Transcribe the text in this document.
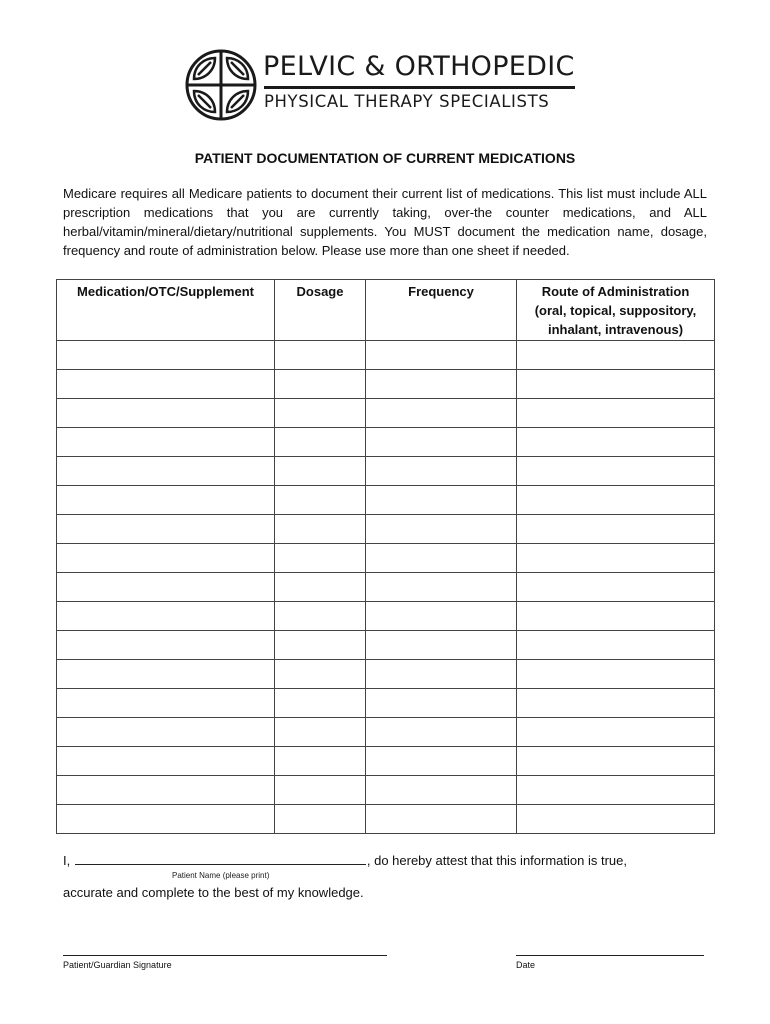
PELVIC & ORTHOPEDIC
PHYSICAL THERAPY SPECIALISTS
PATIENT DOCUMENTATION OF CURRENT MEDICATIONS
Medicare requires all Medicare patients to document their current list of medications. This list must include ALL prescription medications that you are currently taking, over-the counter medications, and ALL herbal/vitamin/mineral/dietary/nutritional supplements. You MUST document the medication name, dosage, frequency and route of administration below. Please use more than one sheet if needed.
Medication/OTC/Supplement	Dosage	Frequency	Route of Administration
(oral, topical, suppository,
inhalant, intravenous)

I,	, do hereby attest that this information is true,
Patient Name (please print)
accurate and complete to the best of my knowledge.
Patient/Guardian Signature	Date
